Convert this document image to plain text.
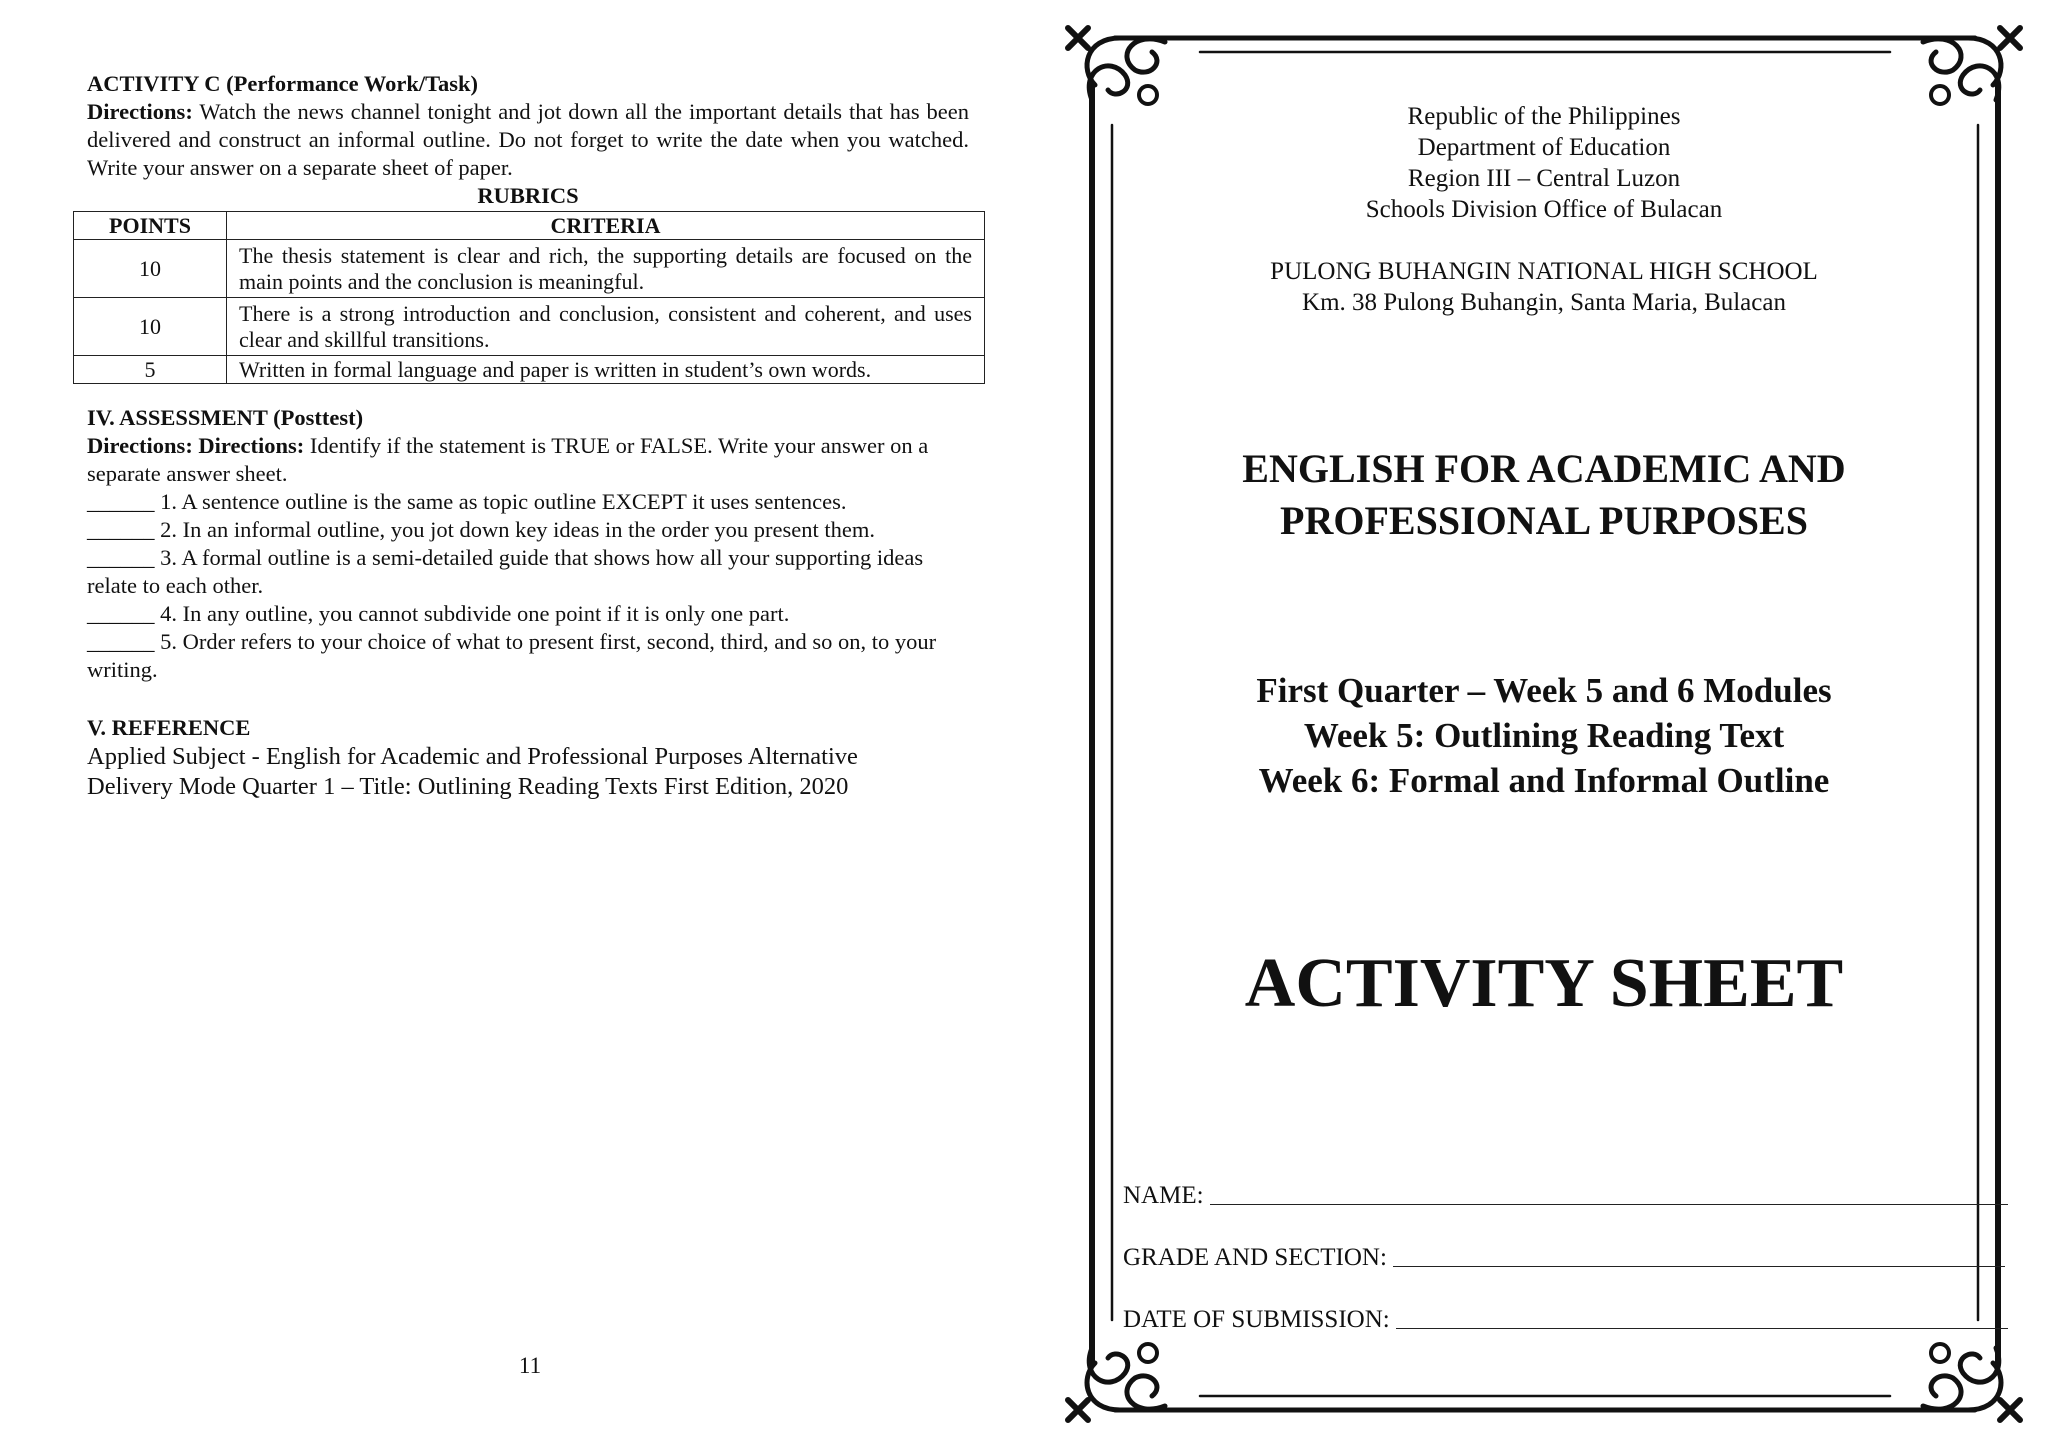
ACTIVITY C (Performance Work/Task)
Directions: Watch the news channel tonight and jot down all the important details that has been delivered and construct an informal outline. Do not forget to write the date when you watched. Write your answer on a separate sheet of paper.
RUBRICS
POINTS	CRITERIA
10	The thesis statement is clear and rich, the supporting details are focused on the main points and the conclusion is meaningful.
10	There is a strong introduction and conclusion, consistent and coherent, and uses clear and skillful transitions.
5	Written in formal language and paper is written in student’s own words.
IV. ASSESSMENT (Posttest)
Directions: Directions: Identify if the statement is TRUE or FALSE. Write your answer on a separate answer sheet.
______ 1. A sentence outline is the same as topic outline EXCEPT it uses sentences.
______ 2. In an informal outline, you jot down key ideas in the order you present them.
______ 3. A formal outline is a semi-detailed guide that shows how all your supporting ideas relate to each other.
______ 4. In any outline, you cannot subdivide one point if it is only one part.
______ 5. Order refers to your choice of what to present first, second, third, and so on, to your writing.
V. REFERENCE
Applied Subject - English for Academic and Professional Purposes Alternative
Delivery Mode Quarter 1 – Title: Outlining Reading Texts First Edition, 2020
11
Republic of the Philippines
Department of Education
Region III – Central Luzon
Schools Division Office of Bulacan
PULONG BUHANGIN NATIONAL HIGH SCHOOL
Km. 38 Pulong Buhangin, Santa Maria, Bulacan
ENGLISH FOR ACADEMIC AND
PROFESSIONAL PURPOSES
First Quarter – Week 5 and 6 Modules
Week 5: Outlining Reading Text
Week 6: Formal and Informal Outline
ACTIVITY SHEET
NAME:
GRADE AND SECTION:
DATE OF SUBMISSION:
